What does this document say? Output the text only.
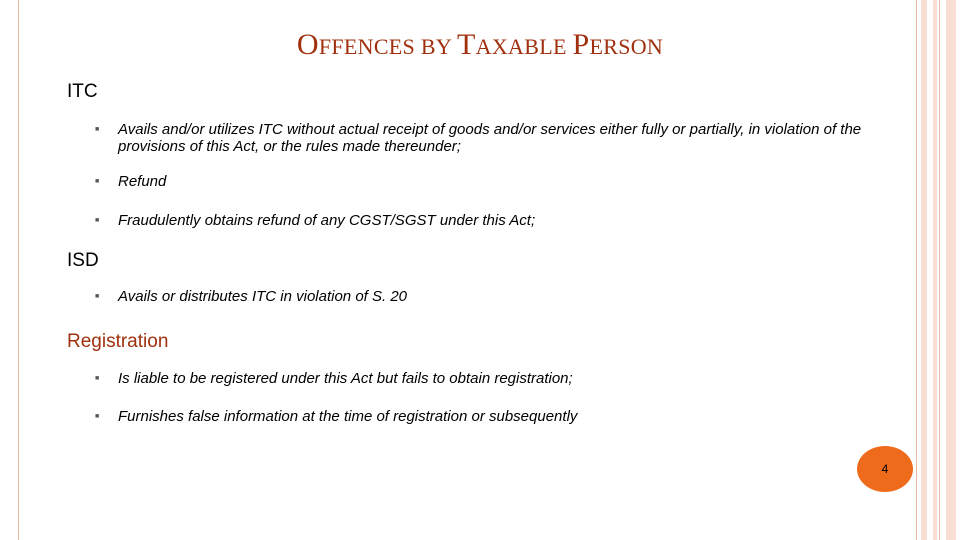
OFFENCES BY TAXABLE PERSON
ITC
■ Avails and/or utilizes ITC without actual receipt of goods and/or services either fully or partially, in violation of the provisions of this Act, or the rules made thereunder;
■ Refund
■ Fraudulently obtains refund of any CGST/SGST under this Act;
ISD
■ Avails or distributes ITC in violation of S. 20
Registration
■ Is liable to be registered under this Act but fails to obtain registration;
■ Furnishes false information at the time of registration or subsequently
4
